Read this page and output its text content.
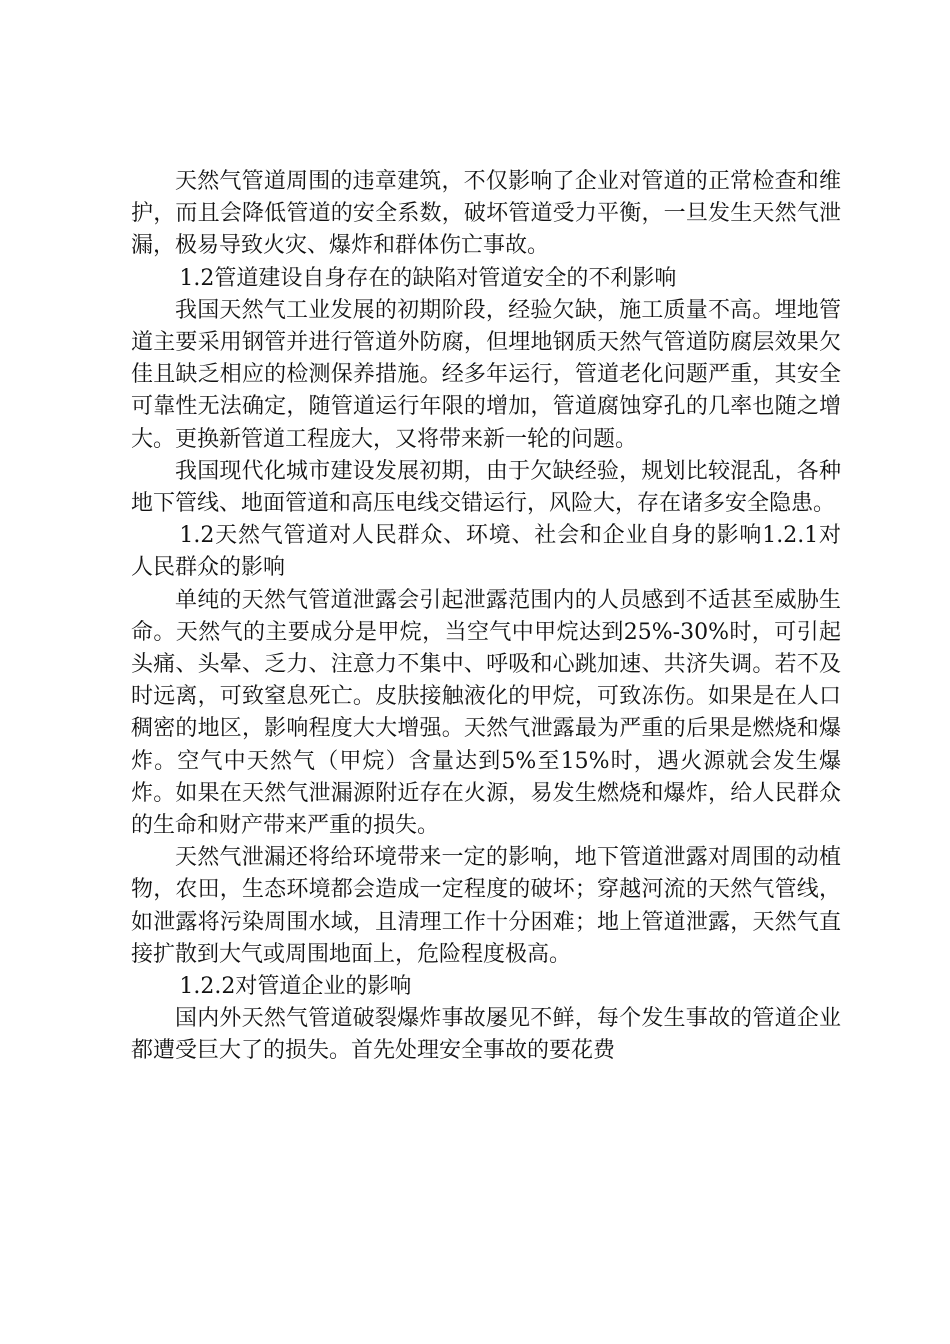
天然气管道周围的违章建筑，不仅影响了企业对管道的正常检查和维护，而且会降低管道的安全系数，破坏管道受力平衡，一旦发生天然气泄漏，极易导致火灾、爆炸和群体伤亡事故。

1.2管道建设自身存在的缺陷对管道安全的不利影响

我国天然气工业发展的初期阶段，经验欠缺，施工质量不高。埋地管道主要采用钢管并进行管道外防腐，但埋地钢质天然气管道防腐层效果欠佳且缺乏相应的检测保养措施。经多年运行，管道老化问题严重，其安全可靠性无法确定，随管道运行年限的增加，管道腐蚀穿孔的几率也随之增大。更换新管道工程庞大，又将带来新一轮的问题。

我国现代化城市建设发展初期，由于欠缺经验，规划比较混乱，各种地下管线、地面管道和高压电线交错运行，风险大，存在诸多安全隐患。

1.2天然气管道对人民群众、环境、社会和企业自身的影响1.2.1对人民群众的影响

单纯的天然气管道泄露会引起泄露范围内的人员感到不适甚至威胁生命。天然气的主要成分是甲烷，当空气中甲烷达到25%-30%时，可引起头痛、头晕、乏力、注意力不集中、呼吸和心跳加速、共济失调。若不及时远离，可致窒息死亡。皮肤接触液化的甲烷，可致冻伤。如果是在人口稠密的地区，影响程度大大增强。天然气泄露最为严重的后果是燃烧和爆炸。空气中天然气（甲烷）含量达到5%至15%时，遇火源就会发生爆炸。如果在天然气泄漏源附近存在火源，易发生燃烧和爆炸，给人民群众的生命和财产带来严重的损失。

天然气泄漏还将给环境带来一定的影响，地下管道泄露对周围的动植物，农田，生态环境都会造成一定程度的破坏；穿越河流的天然气管线，如泄露将污染周围水域，且清理工作十分困难；地上管道泄露，天然气直接扩散到大气或周围地面上，危险程度极高。

1.2.2对管道企业的影响

国内外天然气管道破裂爆炸事故屡见不鲜，每个发生事故的管道企业都遭受巨大了的损失。首先处理安全事故的要花费
